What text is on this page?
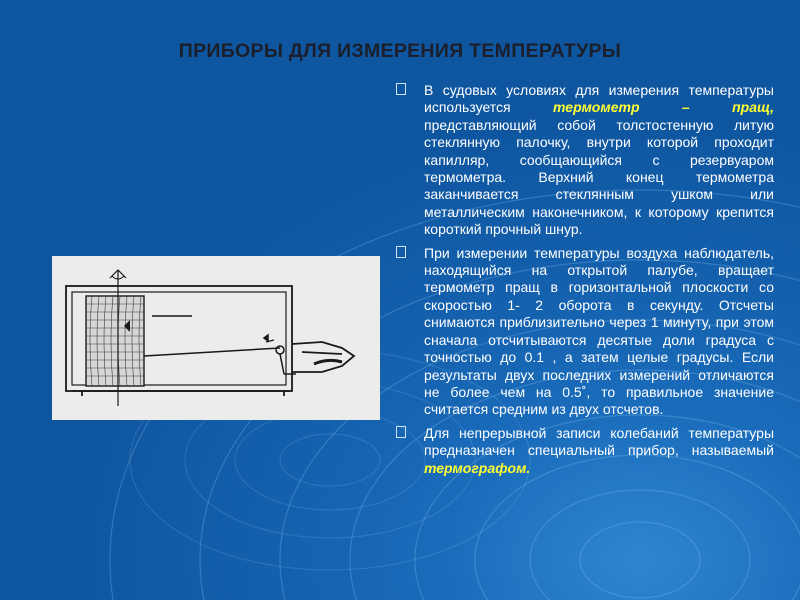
ПРИБОРЫ ДЛЯ ИЗМЕРЕНИЯ ТЕМПЕРАТУРЫ

В судовых условиях для измерения температуры используется термометр – пращ, представляющий собой толстостенную литую стеклянную палочку, внутри которой проходит капилляр, сообщающийся с резервуаром термометра. Верхний конец термометра заканчивается стеклянным ушком или металлическим наконечником, к которому крепится короткий прочный шнур.

При измерении температуры воздуха наблюдатель, находящийся на открытой палубе, вращает термометр пращ в горизонтальной плоскости со скоростью 1- 2 оборота в секунду. Отсчеты снимаются приблизительно через 1 минуту, при этом сначала отсчитываются десятые доли градуса с точностью до 0.1 , а затем целые градусы. Если результаты двух последних измерений отличаются не более чем на 0.5˚, то правильное значение считается средним из двух отсчетов.

Для непрерывной записи колебаний температуры предназначен специальный прибор, называемый термографом.
